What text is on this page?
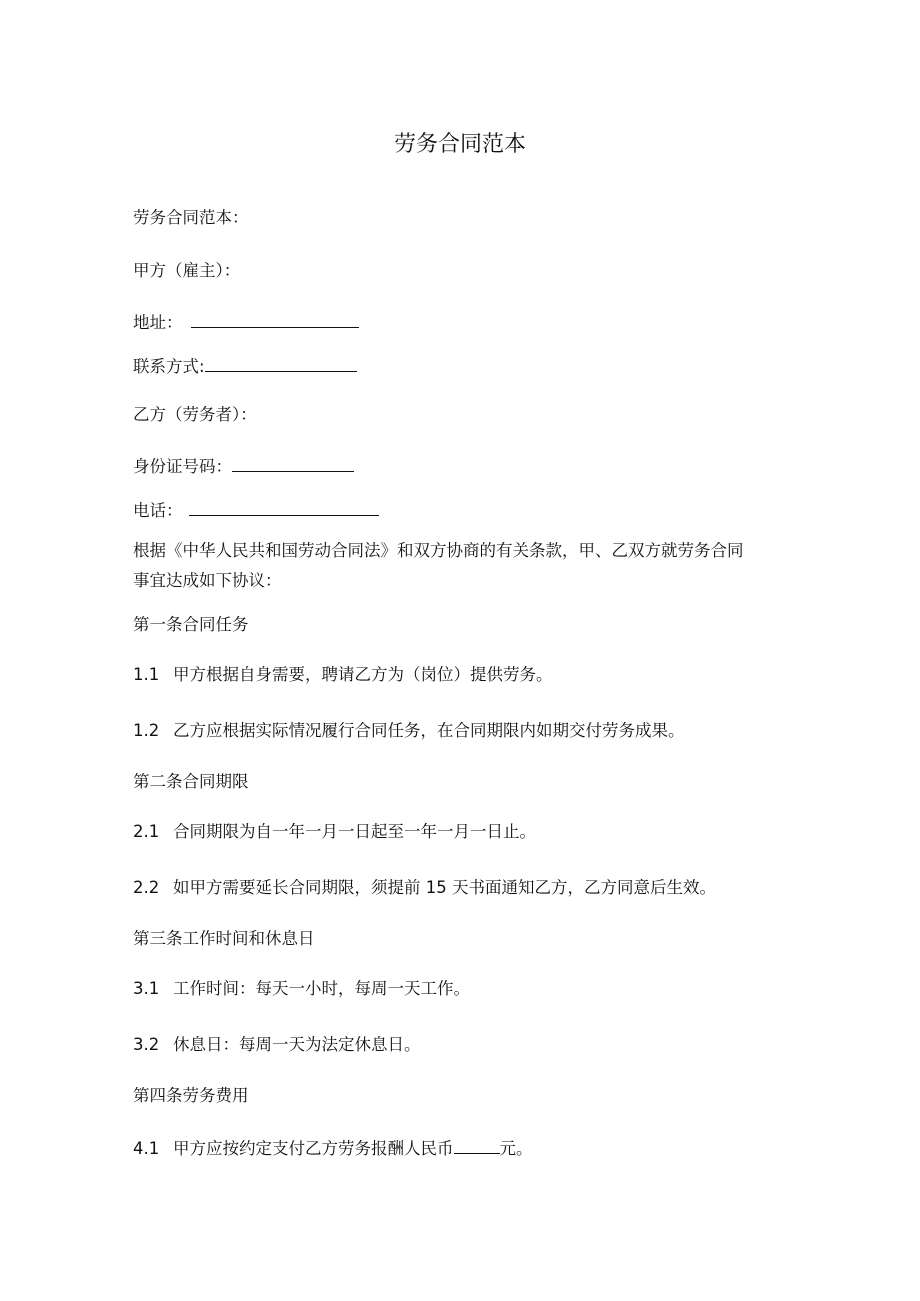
劳务合同范本
劳务合同范本：
甲方（雇主）：
地址：
联系方式:
乙方（劳务者）：
身份证号码：
电话：
根据《中华人民共和国劳动合同法》和双方协商的有关条款，甲、乙双方就劳务合同
事宜达成如下协议：
第一条合同任务
1.1 甲方根据自身需要，聘请乙方为（岗位）提供劳务。
1.2 乙方应根据实际情况履行合同任务，在合同期限内如期交付劳务成果。
第二条合同期限
2.1 合同期限为自一年一月一日起至一年一月一日止。
2.2 如甲方需要延长合同期限，须提前 15 天书面通知乙方，乙方同意后生效。
第三条工作时间和休息日
3.1 工作时间：每天一小时，每周一天工作。
3.2 休息日：每周一天为法定休息日。
第四条劳务费用
4.1 甲方应按约定支付乙方劳务报酬人民币	元。
